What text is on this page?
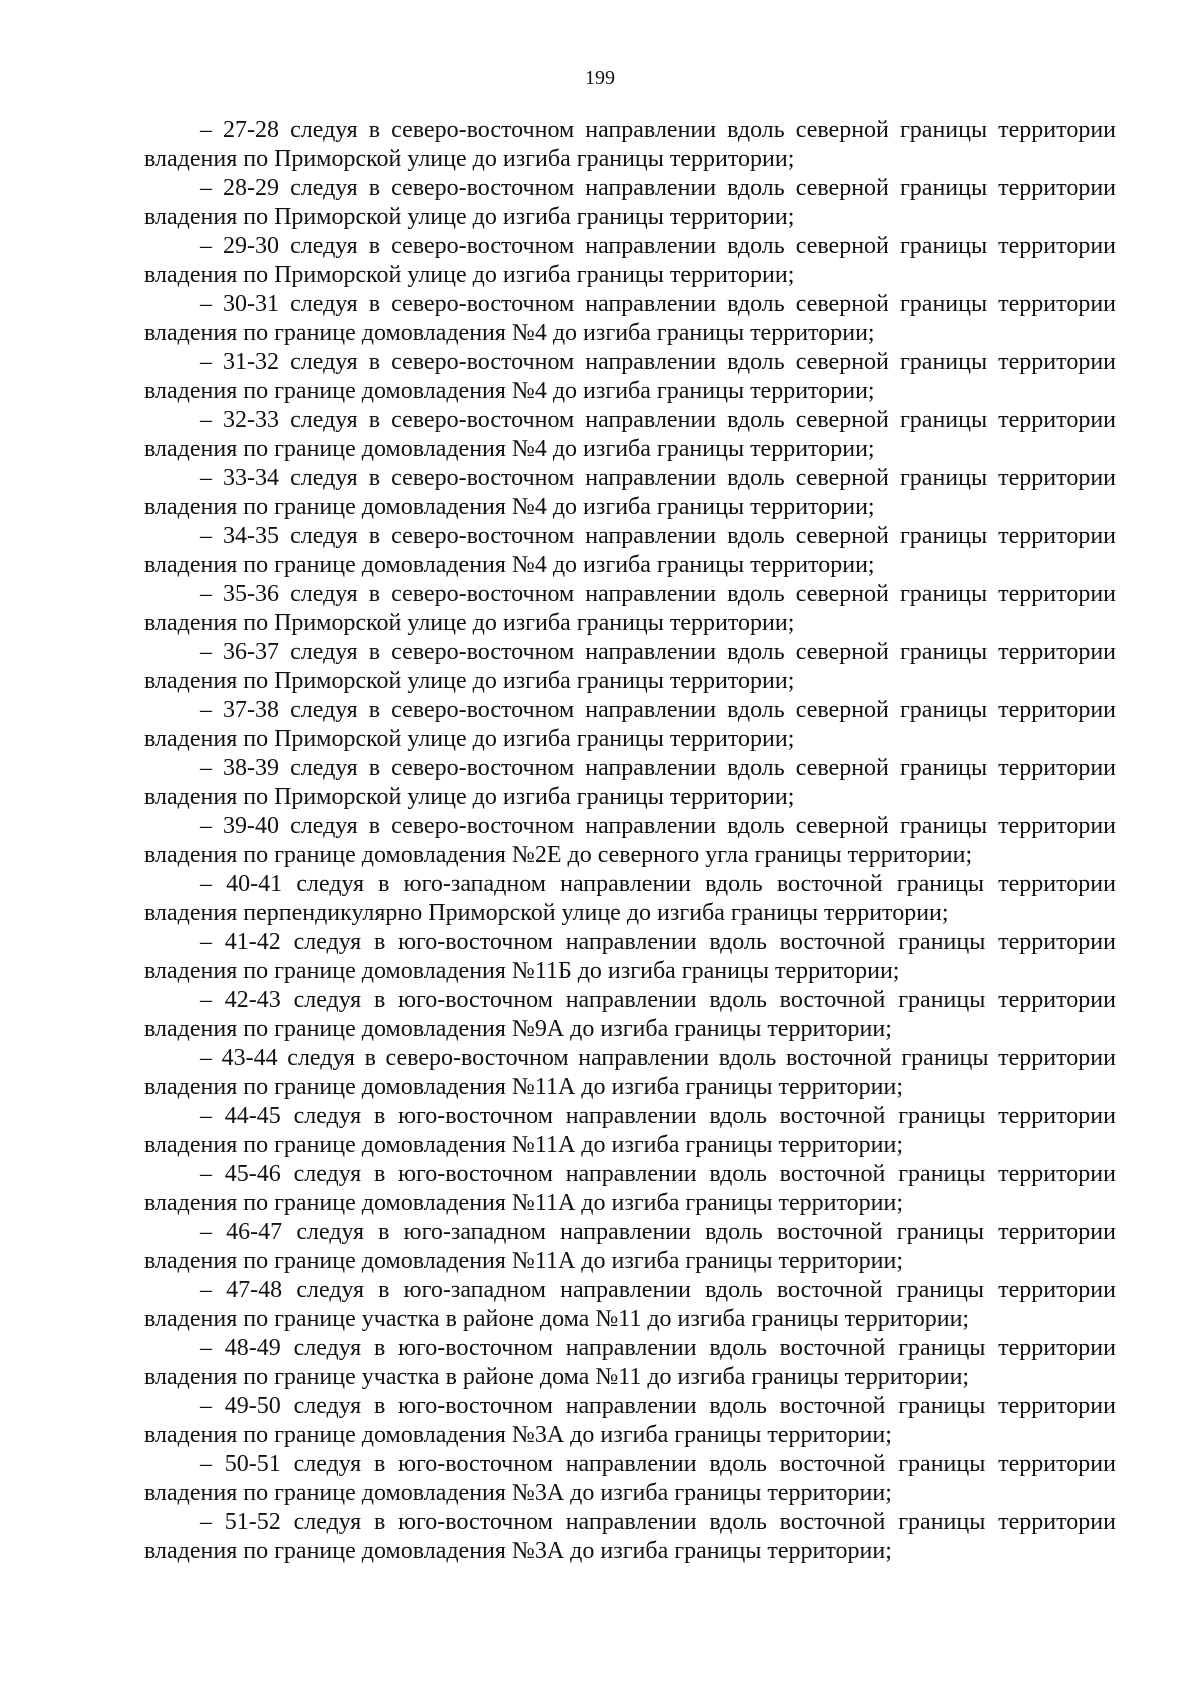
199

– 27-28 следуя в северо-восточном направлении вдоль северной границы территории владения по Приморской улице до изгиба границы территории;

– 28-29 следуя в северо-восточном направлении вдоль северной границы территории владения по Приморской улице до изгиба границы территории;

– 29-30 следуя в северо-восточном направлении вдоль северной границы территории владения по Приморской улице до изгиба границы территории;

– 30-31 следуя в северо-восточном направлении вдоль северной границы территории владения по границе домовладения №4 до изгиба границы территории;

– 31-32 следуя в северо-восточном направлении вдоль северной границы территории владения по границе домовладения №4 до изгиба границы территории;

– 32-33 следуя в северо-восточном направлении вдоль северной границы территории владения по границе домовладения №4 до изгиба границы территории;

– 33-34 следуя в северо-восточном направлении вдоль северной границы территории владения по границе домовладения №4 до изгиба границы территории;

– 34-35 следуя в северо-восточном направлении вдоль северной границы территории владения по границе домовладения №4 до изгиба границы территории;

– 35-36 следуя в северо-восточном направлении вдоль северной границы территории владения по Приморской улице до изгиба границы территории;

– 36-37 следуя в северо-восточном направлении вдоль северной границы территории владения по Приморской улице до изгиба границы территории;

– 37-38 следуя в северо-восточном направлении вдоль северной границы территории владения по Приморской улице до изгиба границы территории;

– 38-39 следуя в северо-восточном направлении вдоль северной границы территории владения по Приморской улице до изгиба границы территории;

– 39-40 следуя в северо-восточном направлении вдоль северной границы территории владения по границе домовладения №2Е до северного угла границы территории;

– 40-41 следуя в юго-западном направлении вдоль восточной границы территории владения перпендикулярно Приморской улице до изгиба границы территории;

– 41-42 следуя в юго-восточном направлении вдоль восточной границы территории владения по границе домовладения №11Б до изгиба границы территории;

– 42-43 следуя в юго-восточном направлении вдоль восточной границы территории владения по границе домовладения №9А до изгиба границы территории;

– 43-44 следуя в северо-восточном направлении вдоль восточной границы территории владения по границе домовладения №11А до изгиба границы территории;

– 44-45 следуя в юго-восточном направлении вдоль восточной границы территории владения по границе домовладения №11А до изгиба границы территории;

– 45-46 следуя в юго-восточном направлении вдоль восточной границы территории владения по границе домовладения №11А до изгиба границы территории;

– 46-47 следуя в юго-западном направлении вдоль восточной границы территории владения по границе домовладения №11А до изгиба границы территории;

– 47-48 следуя в юго-западном направлении вдоль восточной границы территории владения по границе участка в районе дома №11 до изгиба границы территории;

– 48-49 следуя в юго-восточном направлении вдоль восточной границы территории владения по границе участка в районе дома №11 до изгиба границы территории;

– 49-50 следуя в юго-восточном направлении вдоль восточной границы территории владения по границе домовладения №3А до изгиба границы территории;

– 50-51 следуя в юго-восточном направлении вдоль восточной границы территории владения по границе домовладения №3А до изгиба границы территории;

– 51-52 следуя в юго-восточном направлении вдоль восточной границы территории владения по границе домовладения №3А до изгиба границы территории;
